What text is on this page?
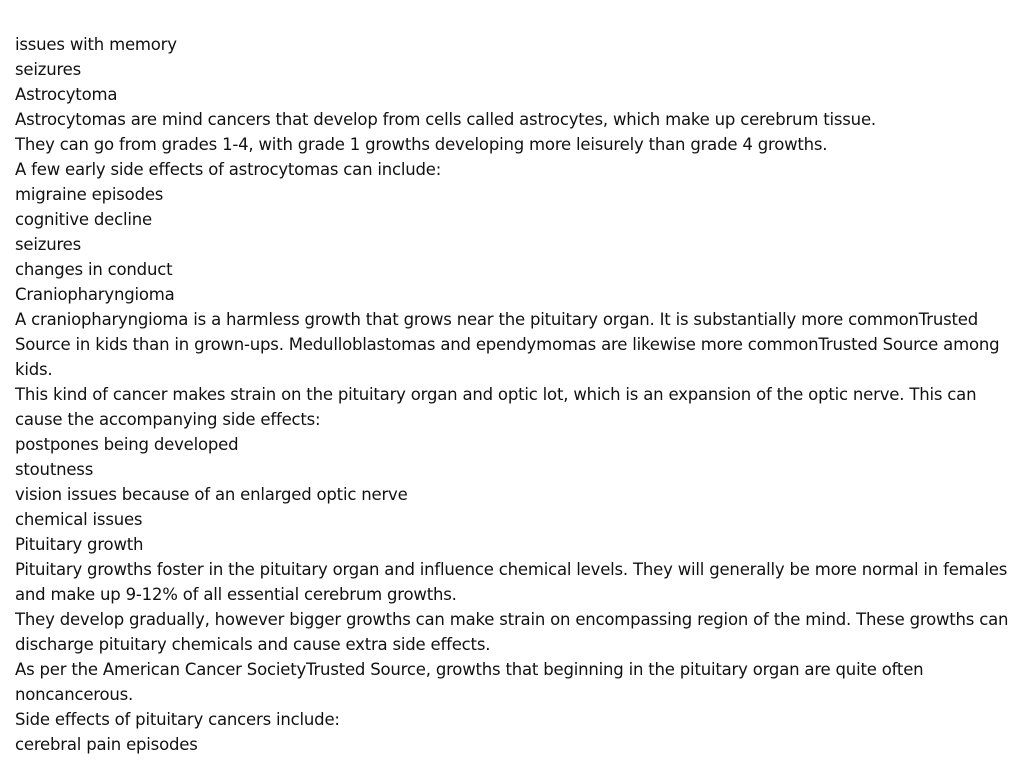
issues with memory
seizures
Astrocytoma
Astrocytomas are mind cancers that develop from cells called astrocytes, which make up cerebrum tissue.
They can go from grades 1-4, with grade 1 growths developing more leisurely than grade 4 growths.
A few early side effects of astrocytomas can include:
migraine episodes
cognitive decline
seizures
changes in conduct
Craniopharyngioma
A craniopharyngioma is a harmless growth that grows near the pituitary organ. It is substantially more commonTrusted Source in kids than in grown-ups. Medulloblastomas and ependymomas are likewise more commonTrusted Source among kids.
This kind of cancer makes strain on the pituitary organ and optic lot, which is an expansion of the optic nerve. This can cause the accompanying side effects:
postpones being developed
stoutness
vision issues because of an enlarged optic nerve
chemical issues
Pituitary growth
Pituitary growths foster in the pituitary organ and influence chemical levels. They will generally be more normal in females and make up 9-12% of all essential cerebrum growths.
They develop gradually, however bigger growths can make strain on encompassing region of the mind. These growths can discharge pituitary chemicals and cause extra side effects.
As per the American Cancer SocietyTrusted Source, growths that beginning in the pituitary organ are quite often noncancerous.
Side effects of pituitary cancers include:
cerebral pain episodes
